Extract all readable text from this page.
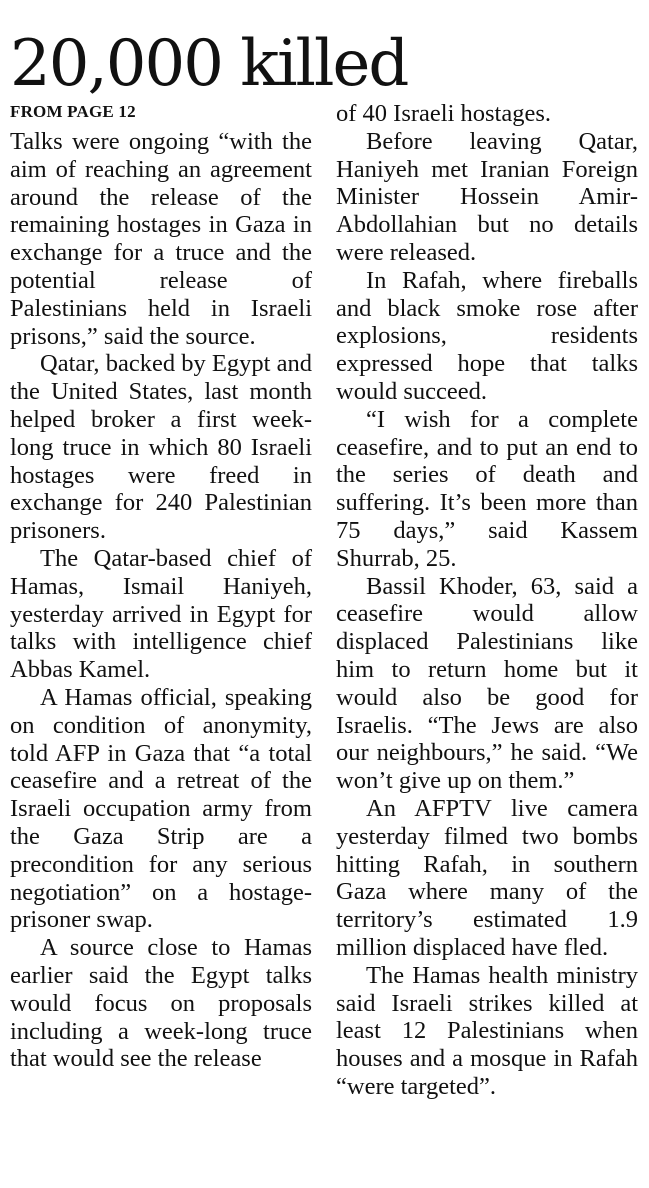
20,000 killed
FROM PAGE 12

Talks were ongoing “with the aim of reaching an agreement around the release of the remaining hostages in Gaza in exchange for a truce and the potential release of Palestinians held in Israeli prisons,” said the source.

Qatar, backed by Egypt and the United States, last month helped broker a first week-long truce in which 80 Israeli hostages were freed in exchange for 240 Palestinian prisoners.

The Qatar-based chief of Hamas, Ismail Haniyeh, yesterday arrived in Egypt for talks with intelligence chief Abbas Kamel.

A Hamas official, speaking on condition of anonymity, told AFP in Gaza that “a total ceasefire and a retreat of the Israeli occupation army from the Gaza Strip are a precondition for any serious negotiation” on a hostage-prisoner swap.

A source close to Hamas earlier said the Egypt talks would focus on proposals including a week-long truce that would see the release

of 40 Israeli hostages.

Before leaving Qatar, Haniyeh met Iranian Foreign Minister Hossein Amir-Abdollahian but no details were released.

In Rafah, where fireballs and black smoke rose after explosions, residents expressed hope that talks would succeed.

“I wish for a complete ceasefire, and to put an end to the series of death and suffering. It’s been more than 75 days,” said Kassem Shurrab, 25.

Bassil Khoder, 63, said a ceasefire would allow displaced Palestinians like him to return home but it would also be good for Israelis. “The Jews are also our neighbours,” he said. “We won’t give up on them.”

An AFPTV live camera yesterday filmed two bombs hitting Rafah, in southern Gaza where many of the territory’s estimated 1.9 million displaced have fled.

The Hamas health ministry said Israeli strikes killed at least 12 Palestinians when houses and a mosque in Rafah “were targeted”.
